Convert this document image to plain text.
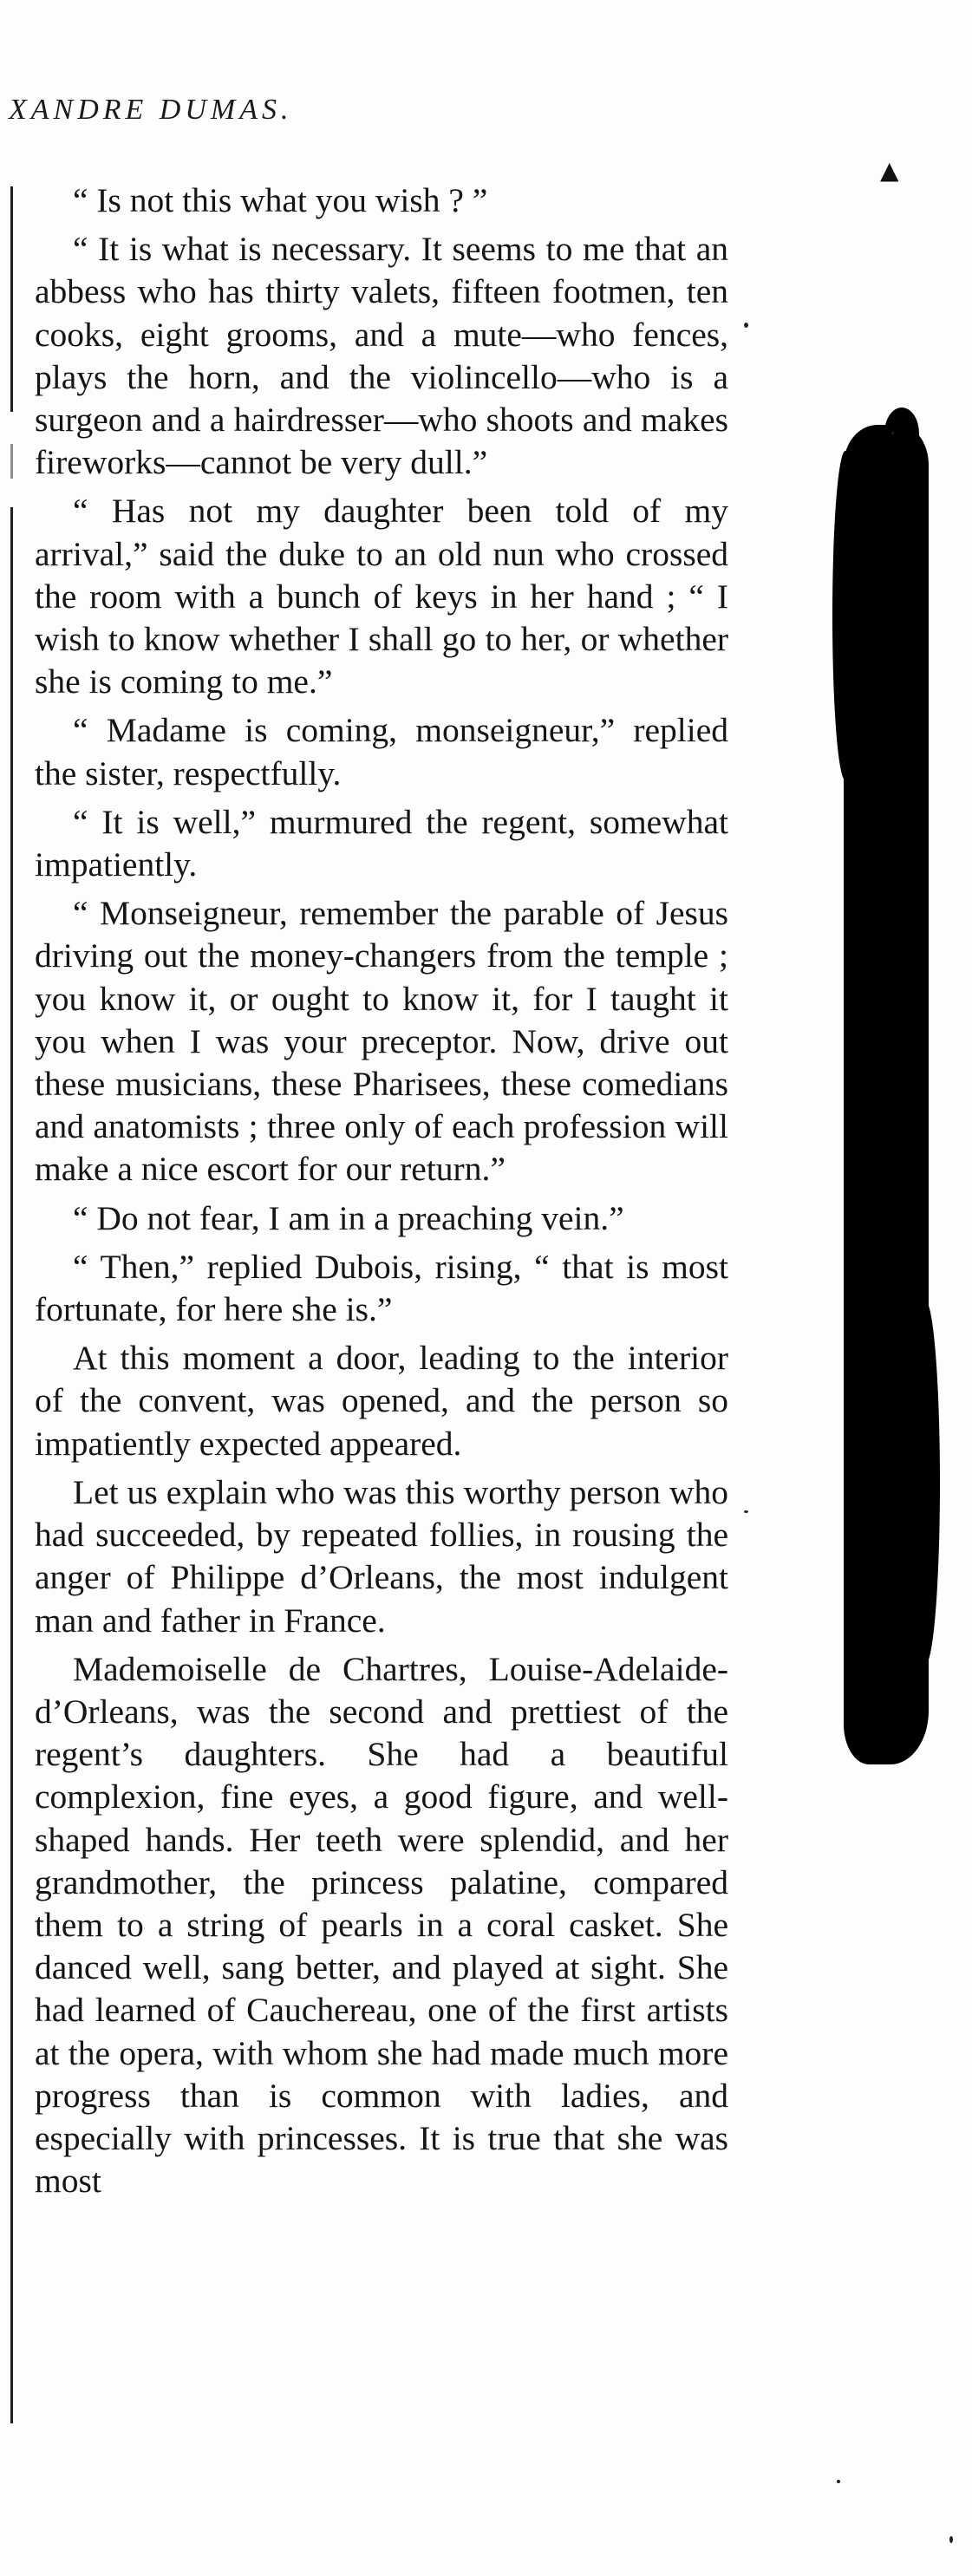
XANDRE DUMAS.

“ Is not this what you wish ? ”

“ It is what is necessary. It seems to me that an abbess who has thirty valets, fifteen footmen, ten cooks, eight grooms, and a mute—who fences, plays the horn, and the violincello—who is a surgeon and a hairdresser—who shoots and makes fireworks—cannot be very dull.”

“ Has not my daughter been told of my arrival,” said the duke to an old nun who crossed the room with a bunch of keys in her hand ; “ I wish to know whether I shall go to her, or whether she is coming to me.”

“ Madame is coming, monseigneur,” replied the sister, respectfully.

“ It is well,” murmured the regent, somewhat impatiently.

“ Monseigneur, remember the parable of Jesus driving out the money-changers from the temple ; you know it, or ought to know it, for I taught it you when I was your preceptor. Now, drive out these musicians, these Pharisees, these comedians and anatomists ; three only of each profession will make a nice escort for our return.”

“ Do not fear, I am in a preaching vein.”

“ Then,” replied Dubois, rising, “ that is most fortunate, for here she is.”

At this moment a door, leading to the interior of the convent, was opened, and the person so impatiently expected appeared.

Let us explain who was this worthy person who had succeeded, by repeated follies, in rousing the anger of Philippe d’Orleans, the most indulgent man and father in France.

Mademoiselle de Chartres, Louise-Adelaide-d’Orleans, was the second and prettiest of the regent’s daughters. She had a beautiful complexion, fine eyes, a good figure, and well-shaped hands. Her teeth were splendid, and her grandmother, the princess palatine, compared them to a string of pearls in a coral casket. She danced well, sang better, and played at sight. She had learned of Cauchereau, one of the first artists at the opera, with whom she had made much more progress than is common with ladies, and especially with princesses. It is true that she was most

▲
